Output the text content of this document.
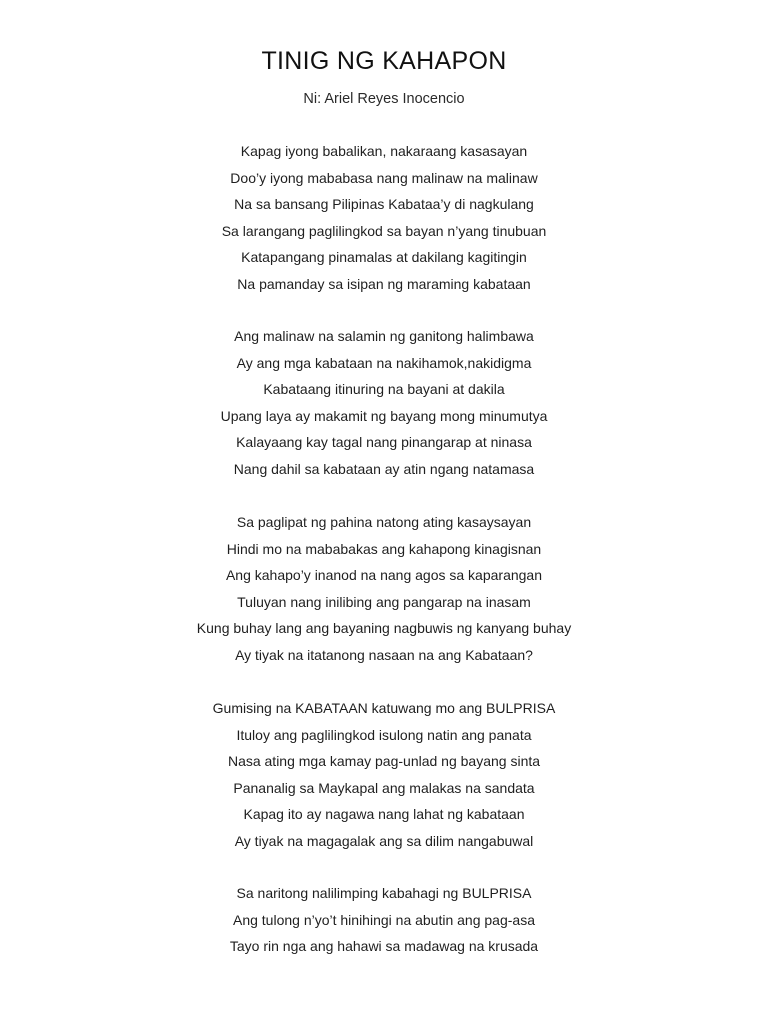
TINIG NG KAHAPON
Ni: Ariel Reyes Inocencio
Kapag iyong babalikan, nakaraang kasasayan
Doo’y iyong mababasa nang malinaw na malinaw
Na sa bansang Pilipinas Kabataa’y di nagkulang
Sa larangang paglilingkod sa bayan n’yang tinubuan
Katapangang pinamalas at dakilang kagitingin
Na pamanday sa isipan ng maraming kabataan
Ang malinaw na salamin ng ganitong halimbawa
Ay ang mga kabataan na nakihamok,nakidigma
Kabataang itinuring na bayani at dakila
Upang laya ay makamit ng bayang mong minumutya
Kalayaang kay tagal nang pinangarap at ninasa
Nang dahil sa kabataan ay atin ngang natamasa
Sa paglipat ng pahina natong ating kasaysayan
Hindi mo na mababakas ang kahapong kinagisnan
Ang kahapo’y inanod na nang agos sa kaparangan
Tuluyan nang inilibing ang pangarap na inasam
Kung buhay lang ang bayaning nagbuwis ng kanyang buhay
Ay tiyak na itatanong nasaan na ang Kabataan?
Gumising na KABATAAN katuwang mo ang BULPRISA
Ituloy ang paglilingkod isulong natin ang panata
Nasa ating mga kamay pag-unlad ng bayang sinta
Pananalig sa Maykapal ang malakas na sandata
Kapag ito ay nagawa nang lahat ng kabataan
Ay tiyak na magagalak ang sa dilim nangabuwal
Sa naritong nalilimping kabahagi ng BULPRISA
Ang tulong n’yo’t hinihingi na abutin ang pag-asa
Tayo rin nga ang hahawi sa madawag na krusada
